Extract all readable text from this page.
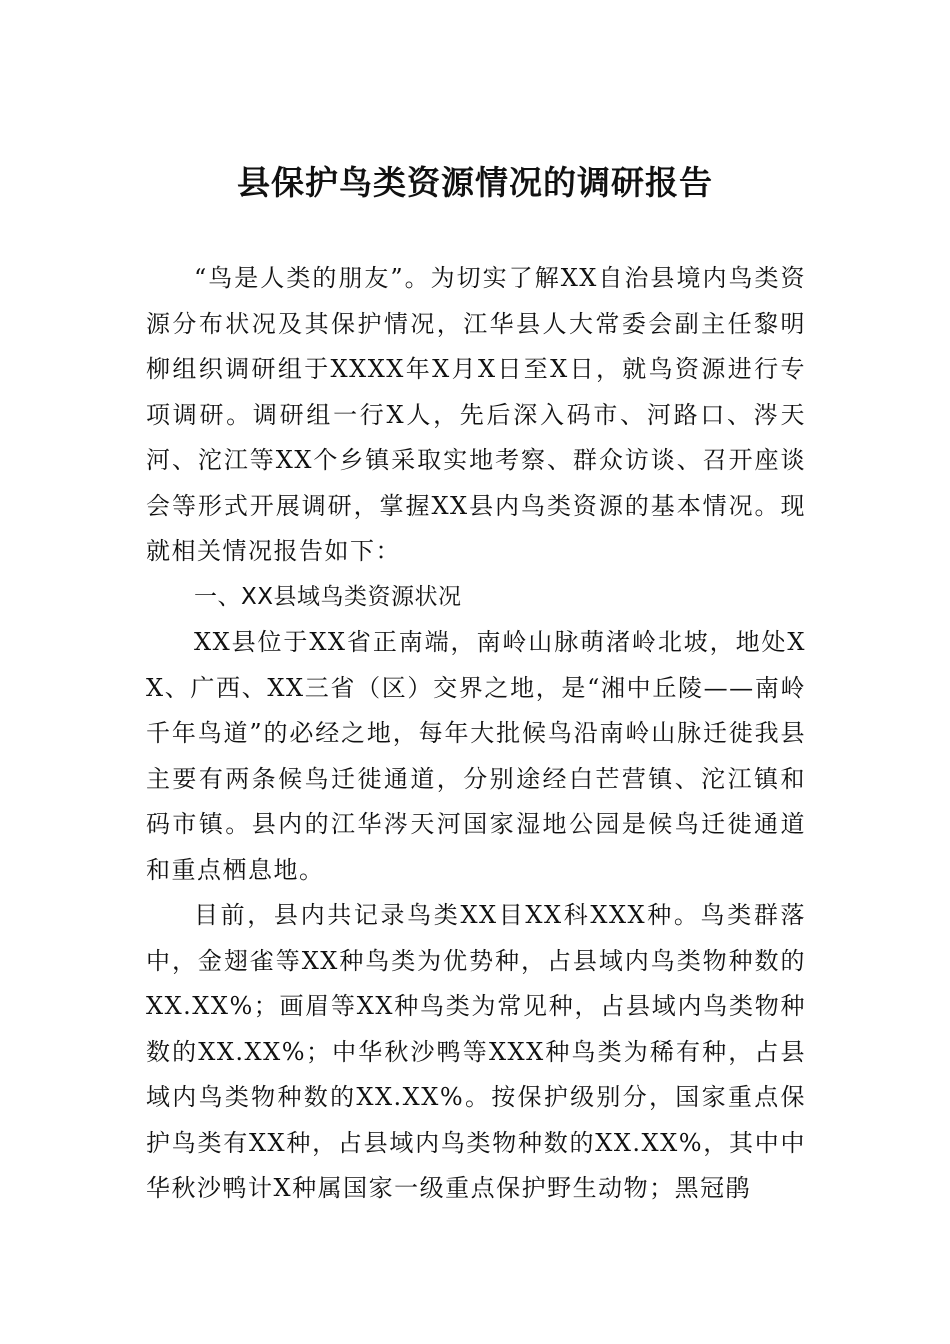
县保护鸟类资源情况的调研报告

“鸟是人类的朋友”。为切实了解XX自治县境内鸟类资源分布状况及其保护情况，江华县人大常委会副主任黎明柳组织调研组于XXXX年X月X日至X日，就鸟资源进行专项调研。调研组一行X人，先后深入码市、河路口、涔天河、沱江等XX个乡镇采取实地考察、群众访谈、召开座谈会等形式开展调研，掌握XX县内鸟类资源的基本情况。现就相关情况报告如下：

一、XX县域鸟类资源状况

XX县位于XX省正南端，南岭山脉萌渚岭北坡，地处XX、广西、XX三省（区）交界之地，是“湘中丘陵——南岭千年鸟道”的必经之地，每年大批候鸟沿南岭山脉迁徙我县主要有两条候鸟迁徙通道，分别途经白芒营镇、沱江镇和码市镇。县内的江华涔天河国家湿地公园是候鸟迁徙通道和重点栖息地。

目前，县内共记录鸟类XX目XX科XXX种。鸟类群落中，金翅雀等XX种鸟类为优势种，占县域内鸟类物种数的XX.XX%；画眉等XX种鸟类为常见种，占县域内鸟类物种数的XX.XX%；中华秋沙鸭等XXX种鸟类为稀有种，占县域内鸟类物种数的XX.XX%。按保护级别分，国家重点保护鸟类有XX种，占县域内鸟类物种数的XX.XX%，其中中华秋沙鸭计X种属国家一级重点保护野生动物；黑冠鹃
